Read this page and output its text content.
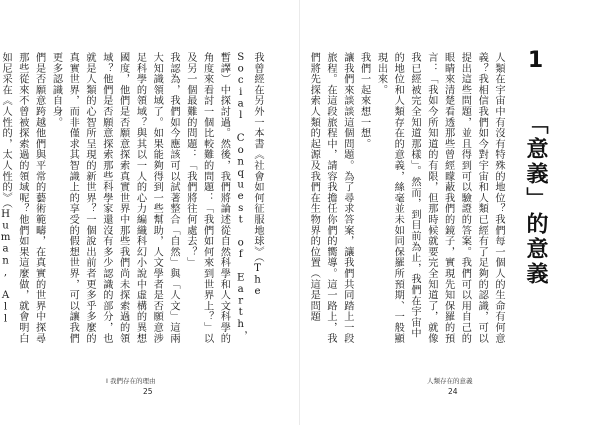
我曾經在另外一本書《社會如何征服地球》（The Social Conquest of Earth，暫譯）中探討過。然後，我們將論述從自然科學和人文科學的角度來看討一個比較難的問題：「我們如何來到世界上？」以及另一個最難的問題：「我們將往何處去？」

我認為，我們如今應該可以試著整合「自然」與「人文」這兩大知識領域了。如果能夠得到一些幫助，人文學者是否願意涉足科學的領域？與其以一人的心力編織科幻小說中虛構的異想國度，他們是否願意探索真實世界中那些我們尚未探索過的領域？他們是否願意探索那些科學家還沒有多少認識的部分，也就是人類的心智所呈現的新世界？一個說出前者更多乎多麼的真實世界，而非僅求其智識上的享受的假想世界，可以讓我們更多認識自身。

們是否願意跨越他們與平常的藝術範疇，在真實的世界中探尋那些從來不曾被探索過的領域呢？他們如果這麼做，就會明白如尼采在《人性的，太人性的》（Human, All

I 我們存在的理由
25

人類在宇宙中有沒有特殊的地位？我們每一個人的生命有何意義？我相信我們如今對宇宙和人類已經有了足夠的認識，可以提出這些問題，並且得到可以驗證的答案。我們可以用自己的眼睛來清楚看透那些曾經矇蔽我們的鏡子，實現先知保羅的預言：「我如今所知道的有限，但那時候就要完全知道了，就像我已經被完全知道那樣」。然而，到目前為止，我們在宇宙中的地位和人類存在的意義，絲毫並未如同保羅所預期、一般顯現出來。

我們一起來想一想。

讓我們來談談這個問題。為了尋求答案，讓我們共同踏上一段旅程。在這段旅程中，請容我擔任你們的嚮導。這一路上，我們將先探索人類的起源及我們在生物界的位置（這是問題

人類存在的意義
24
1 「意義」的意義
